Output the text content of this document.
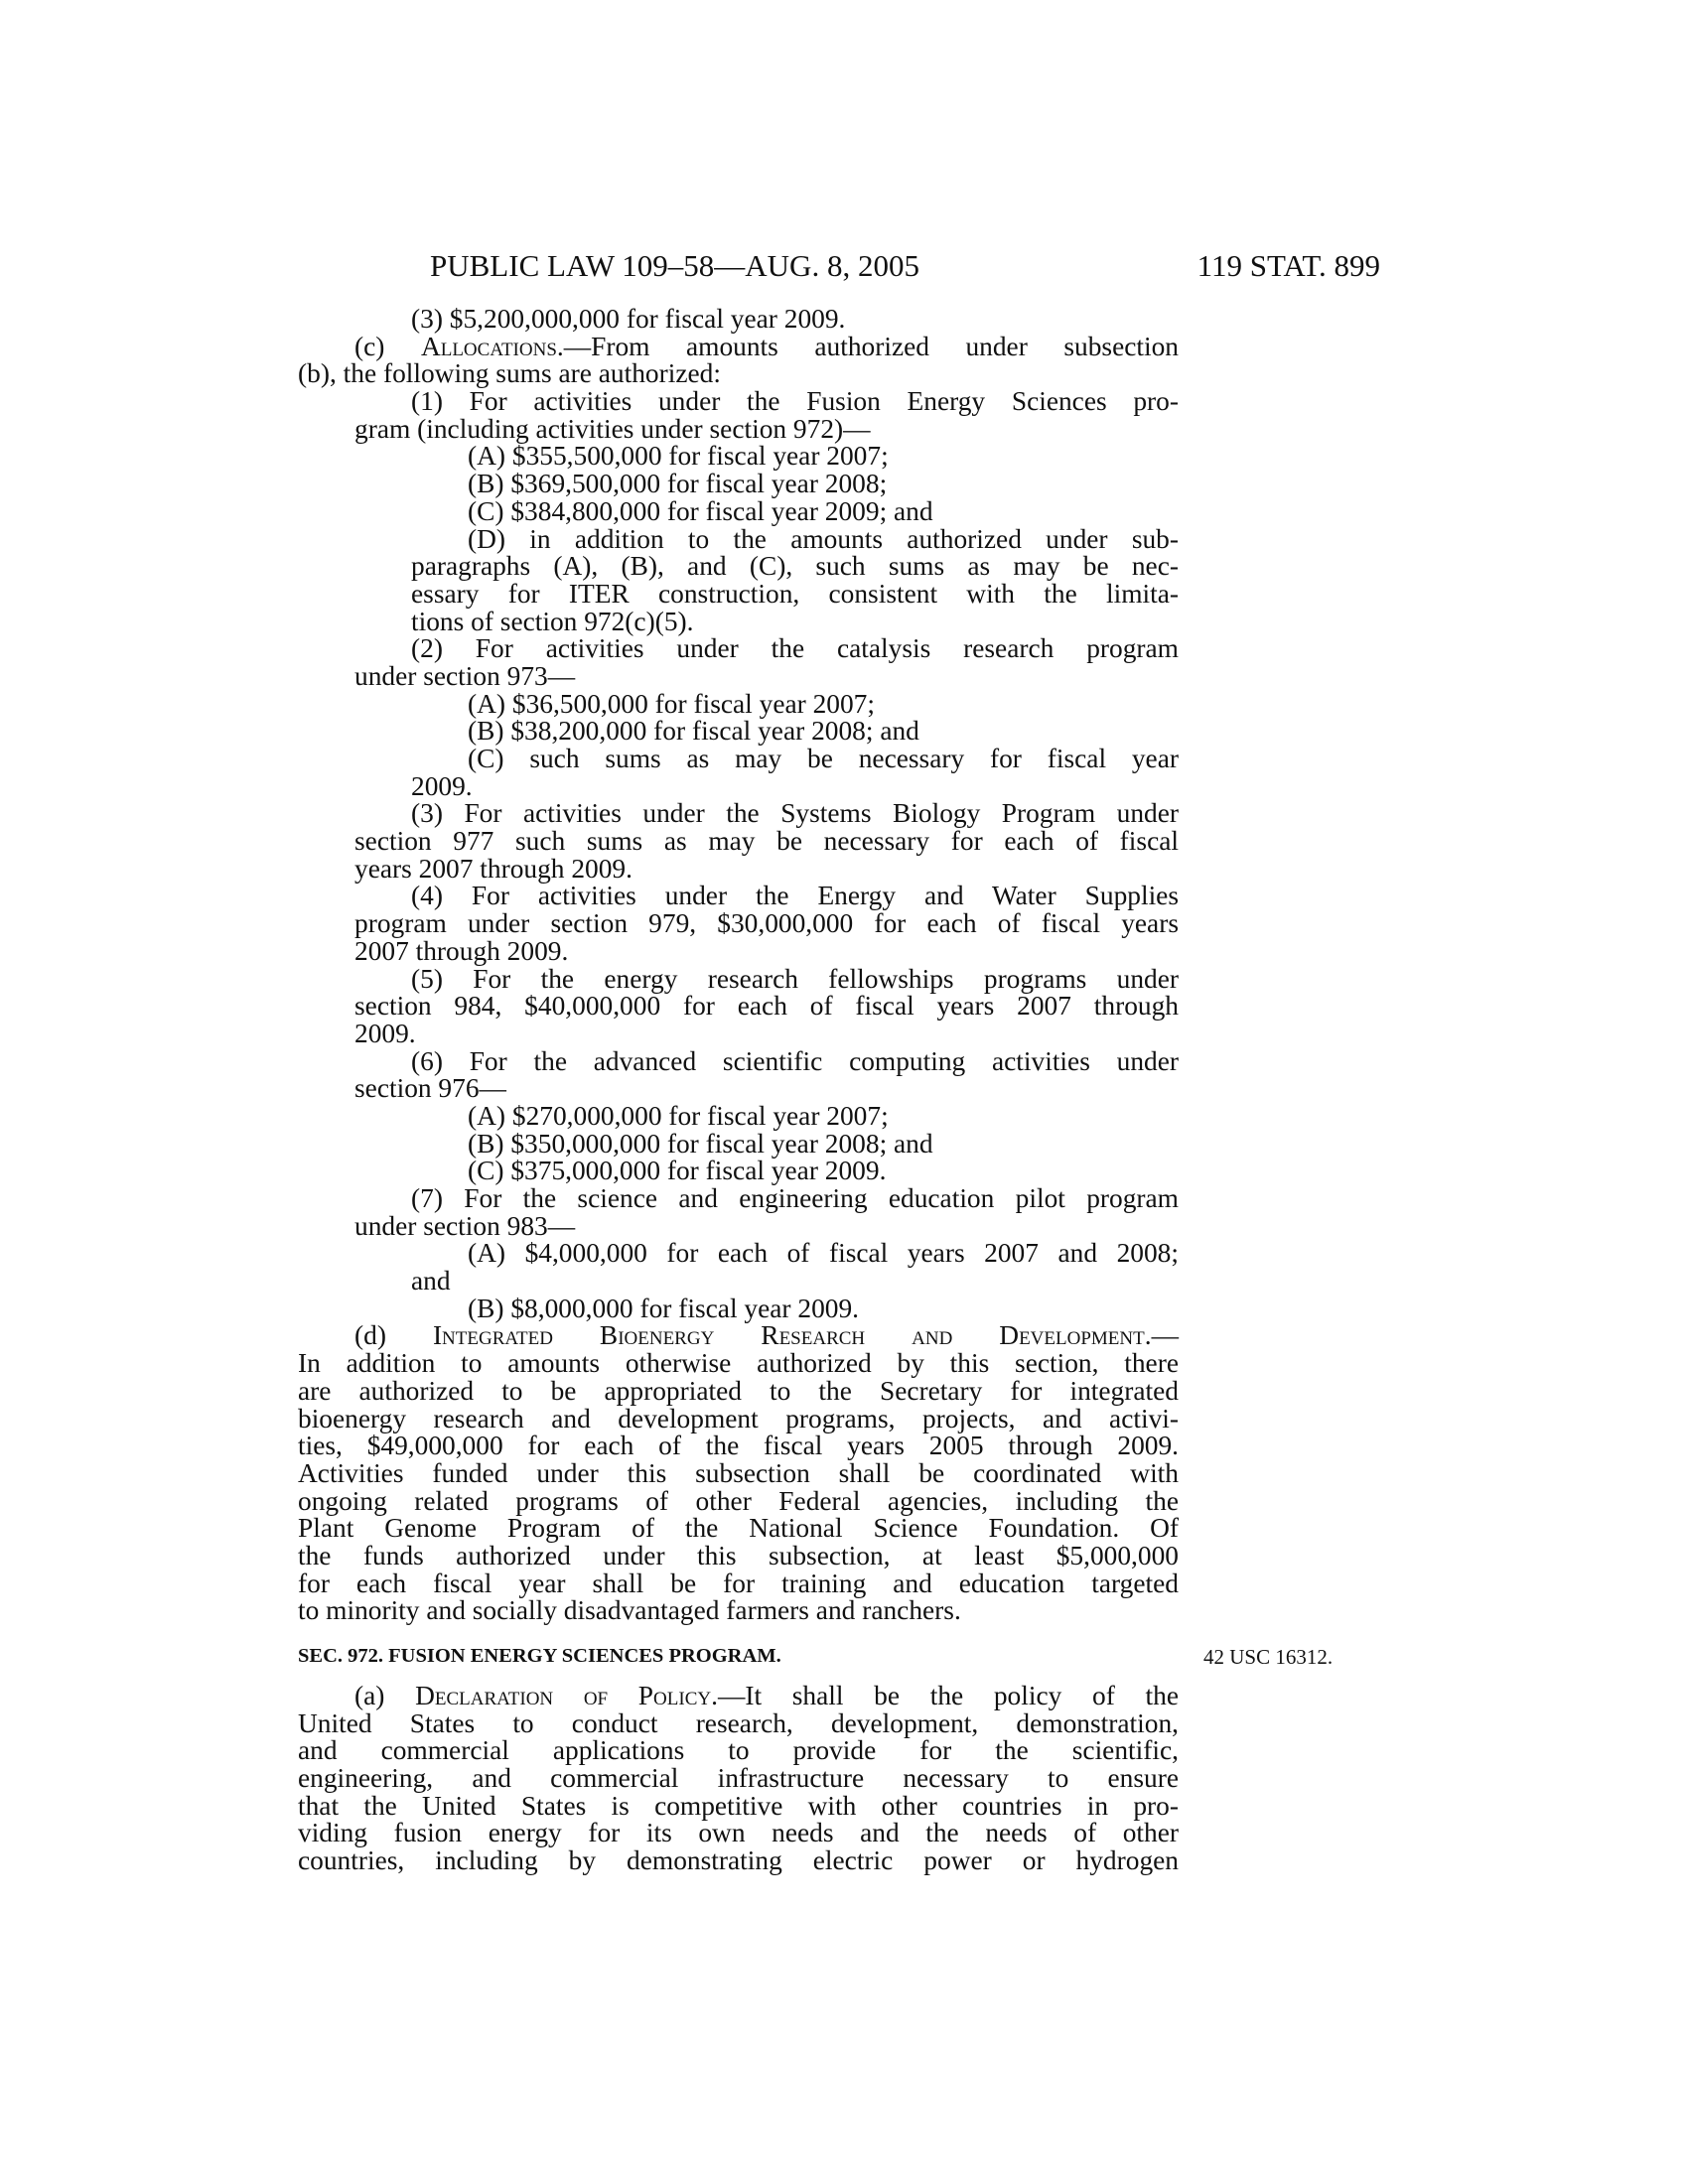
PUBLIC LAW 109–58—AUG. 8, 2005	119 STAT. 899
(3) $5,200,000,000 for fiscal year 2009.
(c) Allocations.—From amounts authorized under subsection
(b), the following sums are authorized:
(1) For activities under the Fusion Energy Sciences pro-
gram (including activities under section 972)—
(A) $355,500,000 for fiscal year 2007;
(B) $369,500,000 for fiscal year 2008;
(C) $384,800,000 for fiscal year 2009; and
(D) in addition to the amounts authorized under sub-
paragraphs (A), (B), and (C), such sums as may be nec-
essary for ITER construction, consistent with the limita-
tions of section 972(c)(5).
(2) For activities under the catalysis research program
under section 973—
(A) $36,500,000 for fiscal year 2007;
(B) $38,200,000 for fiscal year 2008; and
(C) such sums as may be necessary for fiscal year
2009.
(3) For activities under the Systems Biology Program under
section 977 such sums as may be necessary for each of fiscal
years 2007 through 2009.
(4) For activities under the Energy and Water Supplies
program under section 979, $30,000,000 for each of fiscal years
2007 through 2009.
(5) For the energy research fellowships programs under
section 984, $40,000,000 for each of fiscal years 2007 through
2009.
(6) For the advanced scientific computing activities under
section 976—
(A) $270,000,000 for fiscal year 2007;
(B) $350,000,000 for fiscal year 2008; and
(C) $375,000,000 for fiscal year 2009.
(7) For the science and engineering education pilot program
under section 983—
(A) $4,000,000 for each of fiscal years 2007 and 2008;
and
(B) $8,000,000 for fiscal year 2009.
(d) Integrated Bioenergy Research and Development.—
In addition to amounts otherwise authorized by this section, there
are authorized to be appropriated to the Secretary for integrated
bioenergy research and development programs, projects, and activi-
ties, $49,000,000 for each of the fiscal years 2005 through 2009.
Activities funded under this subsection shall be coordinated with
ongoing related programs of other Federal agencies, including the
Plant Genome Program of the National Science Foundation. Of
the funds authorized under this subsection, at least $5,000,000
for each fiscal year shall be for training and education targeted
to minority and socially disadvantaged farmers and ranchers.
SEC. 972. FUSION ENERGY SCIENCES PROGRAM.	42 USC 16312.
(a) Declaration of Policy.—It shall be the policy of the
United States to conduct research, development, demonstration,
and commercial applications to provide for the scientific,
engineering, and commercial infrastructure necessary to ensure
that the United States is competitive with other countries in pro-
viding fusion energy for its own needs and the needs of other
countries, including by demonstrating electric power or hydrogen
